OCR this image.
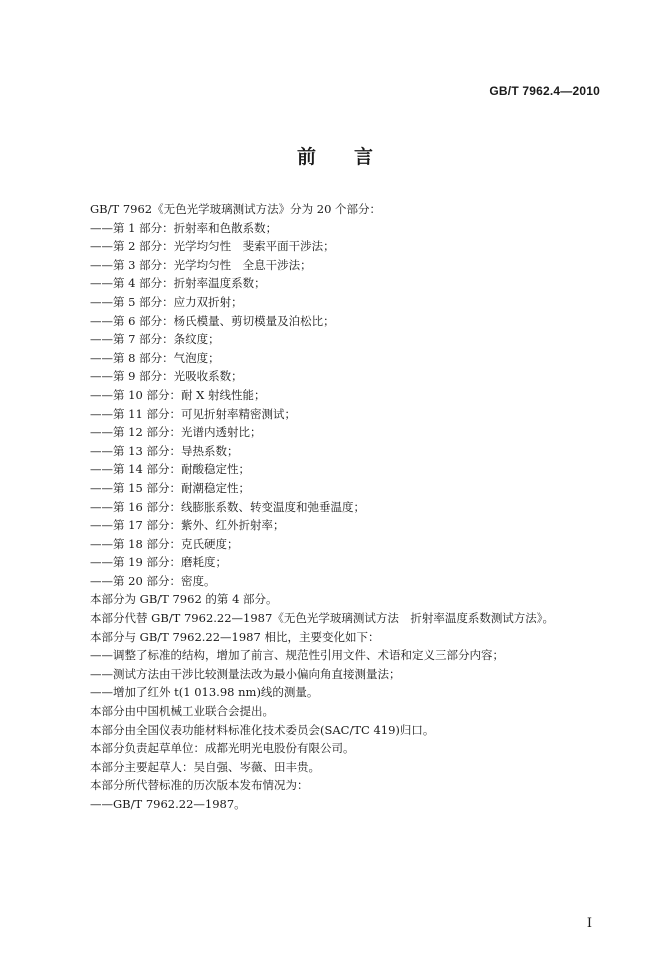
GB/T 7962.4—2010
前言
GB/T 7962《无色光学玻璃测试方法》分为 20 个部分：
——第 1 部分：折射率和色散系数；
——第 2 部分：光学均匀性　斐索平面干涉法；
——第 3 部分：光学均匀性　全息干涉法；
——第 4 部分：折射率温度系数；
——第 5 部分：应力双折射；
——第 6 部分：杨氏模量、剪切模量及泊松比；
——第 7 部分：条纹度；
——第 8 部分：气泡度；
——第 9 部分：光吸收系数；
——第 10 部分：耐 X 射线性能；
——第 11 部分：可见折射率精密测试；
——第 12 部分：光谱内透射比；
——第 13 部分：导热系数；
——第 14 部分：耐酸稳定性；
——第 15 部分：耐潮稳定性；
——第 16 部分：线膨胀系数、转变温度和弛垂温度；
——第 17 部分：紫外、红外折射率；
——第 18 部分：克氏硬度；
——第 19 部分：磨耗度；
——第 20 部分：密度。
本部分为 GB/T 7962 的第 4 部分。
本部分代替 GB/T 7962.22—1987《无色光学玻璃测试方法　折射率温度系数测试方法》。
本部分与 GB/T 7962.22—1987 相比，主要变化如下：
——调整了标准的结构，增加了前言、规范性引用文件、术语和定义三部分内容；
——测试方法由干涉比较测量法改为最小偏向角直接测量法；
——增加了红外 t(1 013.98 nm)线的测量。
本部分由中国机械工业联合会提出。
本部分由全国仪表功能材料标准化技术委员会(SAC/TC 419)归口。
本部分负责起草单位：成都光明光电股份有限公司。
本部分主要起草人：吴自强、岑薇、田丰贵。
本部分所代替标准的历次版本发布情况为：
——GB/T 7962.22—1987。
I
